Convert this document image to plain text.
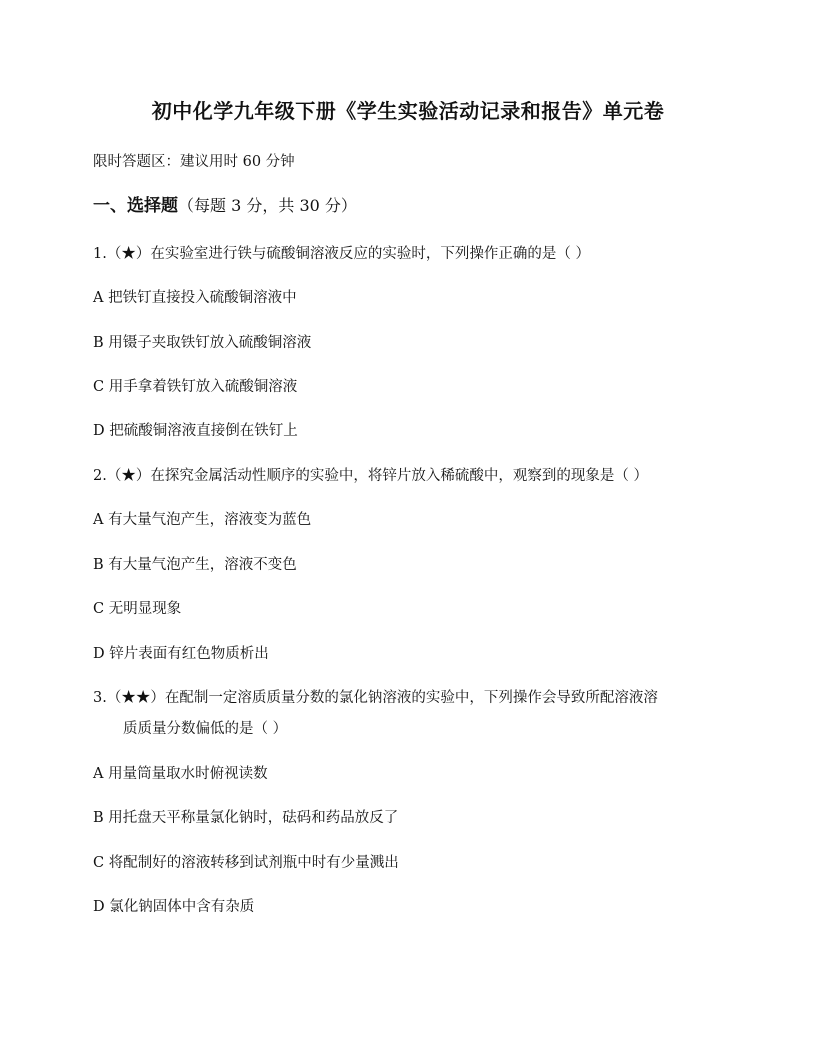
初中化学九年级下册《学生实验活动记录和报告》单元卷
限时答题区：建议用时 60 分钟
一、选择题（每题 3 分，共 30 分）
1.（★）在实验室进行铁与硫酸铜溶液反应的实验时，下列操作正确的是（ ）
A 把铁钉直接投入硫酸铜溶液中
B 用镊子夹取铁钉放入硫酸铜溶液
C 用手拿着铁钉放入硫酸铜溶液
D 把硫酸铜溶液直接倒在铁钉上
2.（★）在探究金属活动性顺序的实验中，将锌片放入稀硫酸中，观察到的现象是（ ）
A 有大量气泡产生，溶液变为蓝色
B 有大量气泡产生，溶液不变色
C 无明显现象
D 锌片表面有红色物质析出
3.（★★）在配制一定溶质质量分数的氯化钠溶液的实验中，下列操作会导致所配溶液溶
质质量分数偏低的是（ ）
A 用量筒量取水时俯视读数
B 用托盘天平称量氯化钠时，砝码和药品放反了
C 将配制好的溶液转移到试剂瓶中时有少量溅出
D 氯化钠固体中含有杂质
